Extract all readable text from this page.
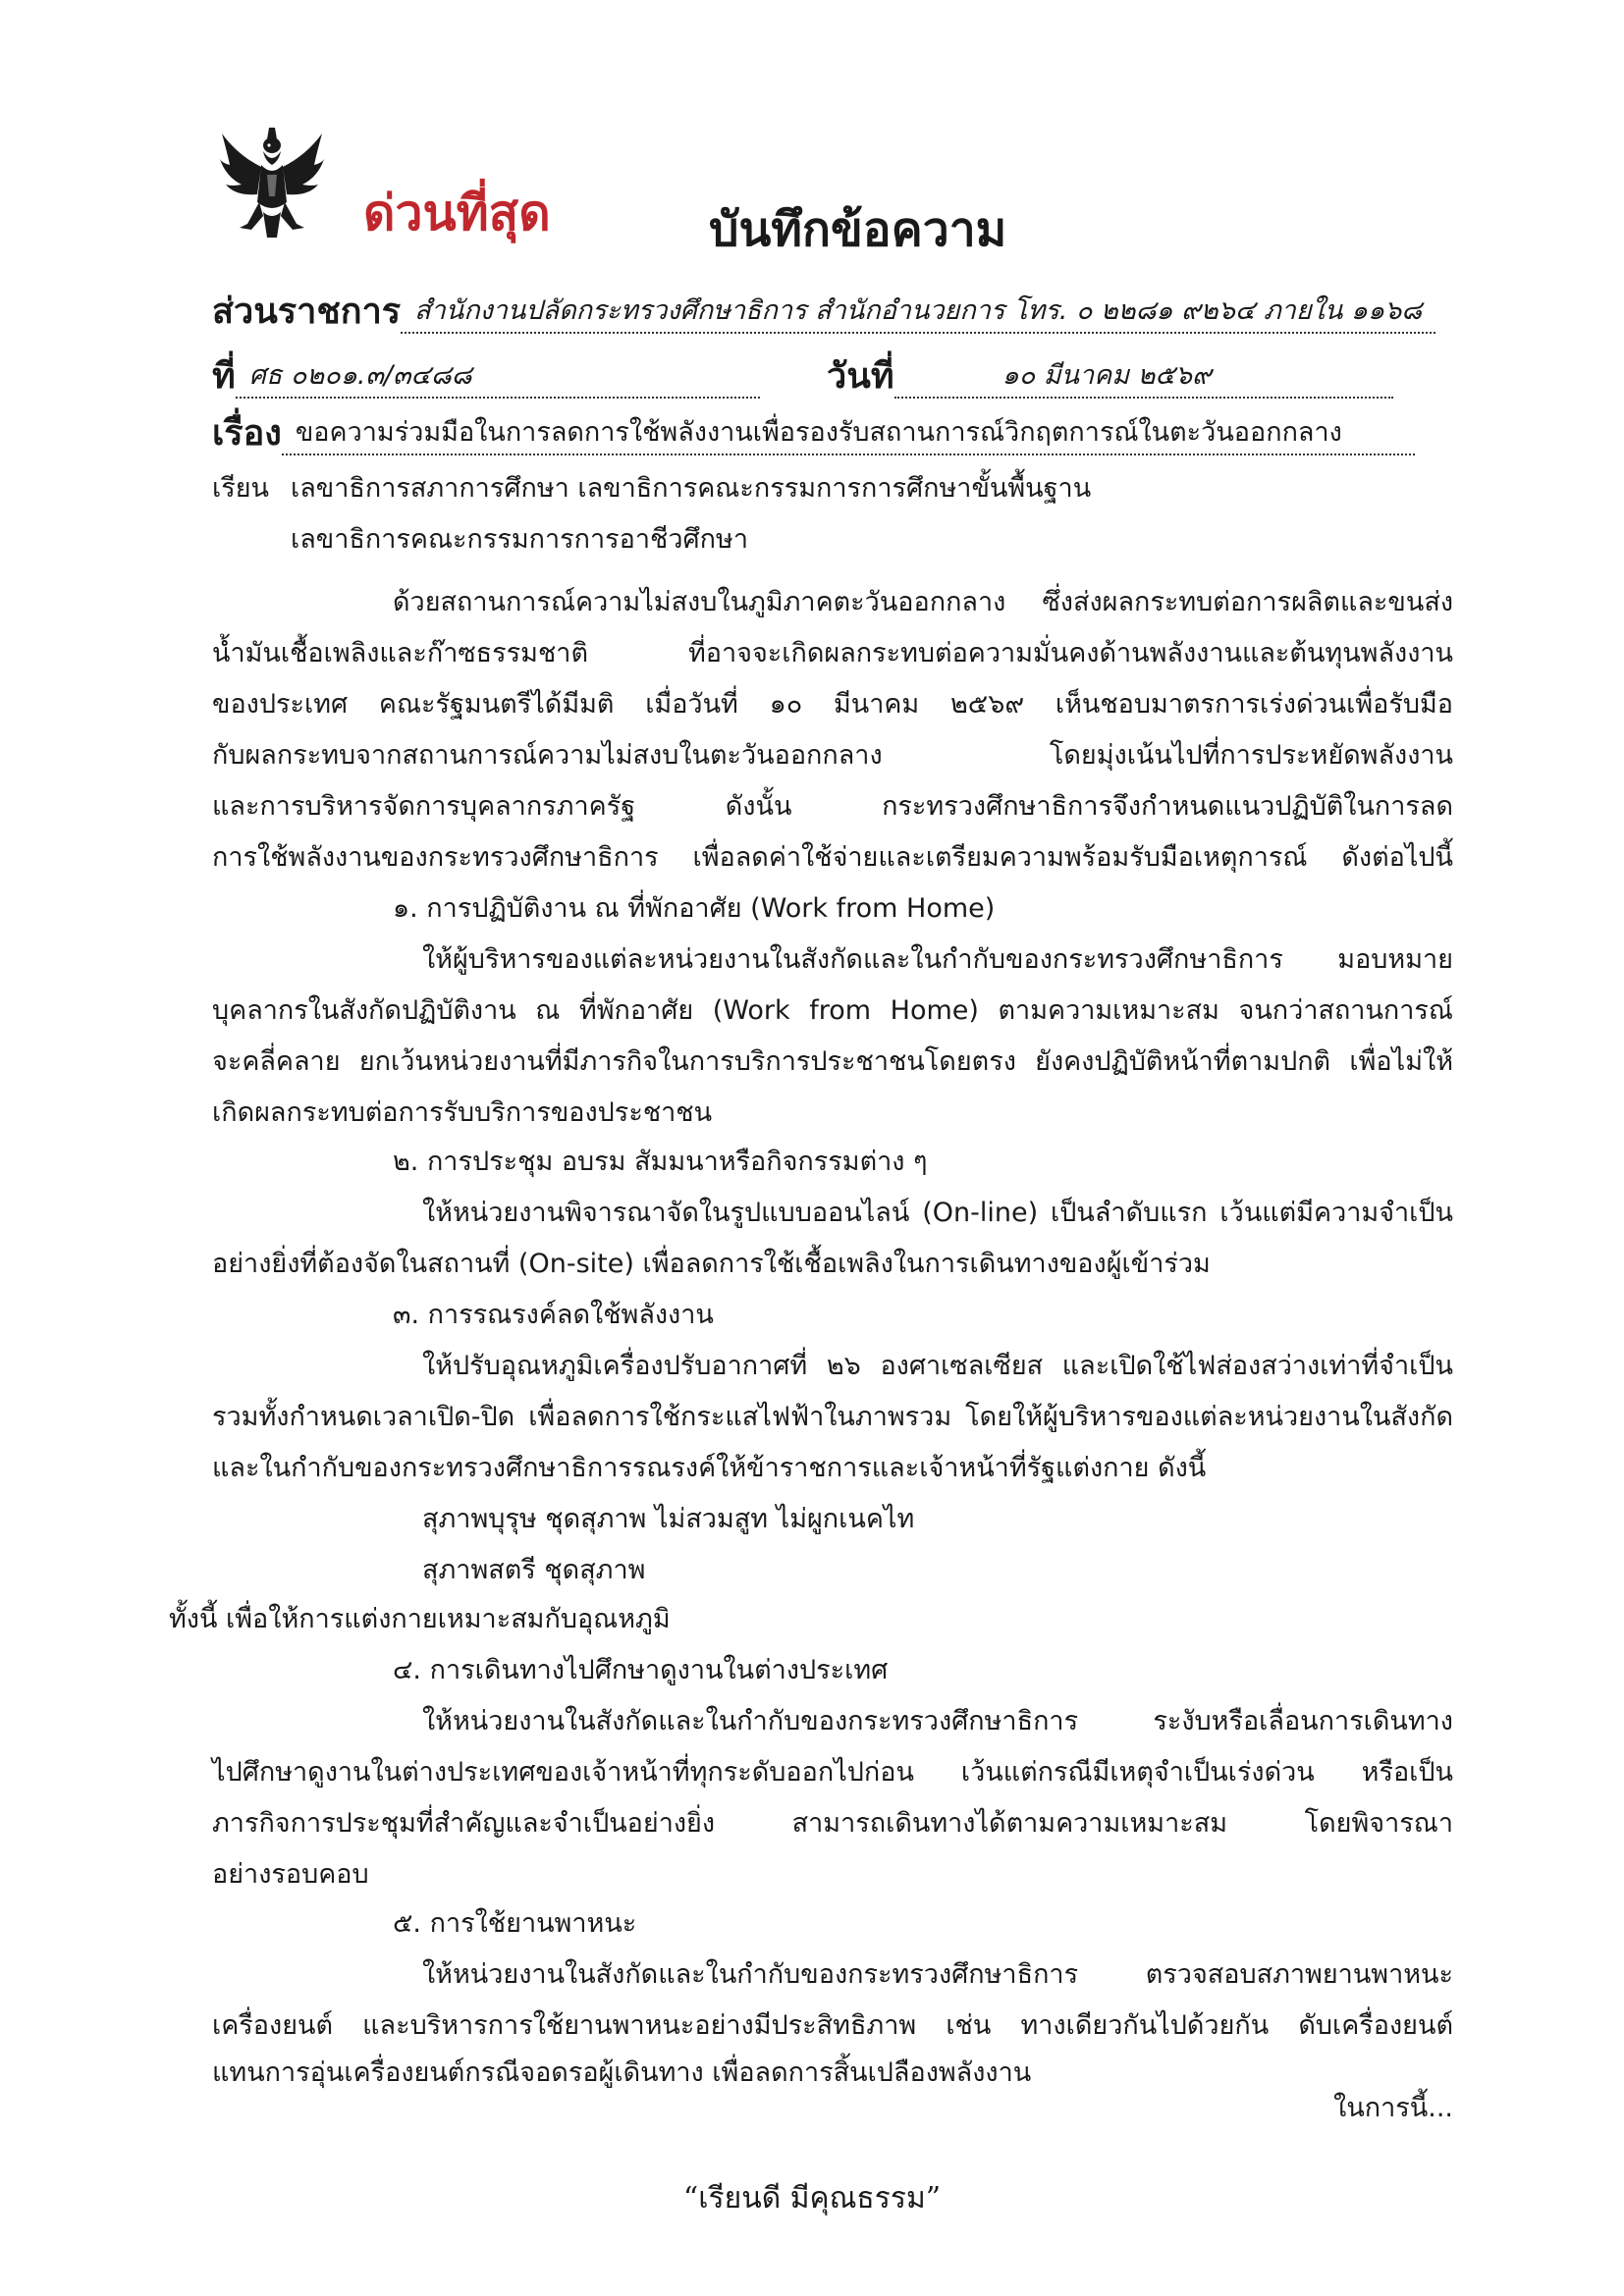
ด่วนที่สุด	บันทึกข้อความ
ส่วนราชการ สำนักงานปลัดกระทรวงศึกษาธิการ สำนักอำนวยการ โทร. ๐ ๒๒๘๑ ๙๒๖๔ ภายใน ๑๑๖๘
ที่ ศธ ๐๒๐๑.๓/๓๔๘๘	วันที่	๑๐ มีนาคม ๒๕๖๙
เรื่อง ขอความร่วมมือในการลดการใช้พลังงานเพื่อรองรับสถานการณ์วิกฤตการณ์ในตะวันออกกลาง
เรียน เลขาธิการสภาการศึกษา เลขาธิการคณะกรรมการการศึกษาขั้นพื้นฐาน
เลขาธิการคณะกรรมการการอาชีวศึกษา
ด้วยสถานการณ์ความไม่สงบในภูมิภาคตะวันออกกลาง ซึ่งส่งผลกระทบต่อการผลิตและขนส่ง
น้ำมันเชื้อเพลิงและก๊าซธรรมชาติ ที่อาจจะเกิดผลกระทบต่อความมั่นคงด้านพลังงานและต้นทุนพลังงาน
ของประเทศ คณะรัฐมนตรีได้มีมติ เมื่อวันที่ ๑๐ มีนาคม ๒๕๖๙ เห็นชอบมาตรการเร่งด่วนเพื่อรับมือ
กับผลกระทบจากสถานการณ์ความไม่สงบในตะวันออกกลาง โดยมุ่งเน้นไปที่การประหยัดพลังงาน
และการบริหารจัดการบุคลากรภาครัฐ ดังนั้น กระทรวงศึกษาธิการจึงกำหนดแนวปฏิบัติในการลด
การใช้พลังงานของกระทรวงศึกษาธิการ เพื่อลดค่าใช้จ่ายและเตรียมความพร้อมรับมือเหตุการณ์ ดังต่อไปนี้
๑. การปฏิบัติงาน ณ ที่พักอาศัย (Work from Home)
ให้ผู้บริหารของแต่ละหน่วยงานในสังกัดและในกำกับของกระทรวงศึกษาธิการ มอบหมาย
บุคลากรในสังกัดปฏิบัติงาน ณ ที่พักอาศัย (Work from Home) ตามความเหมาะสม จนกว่าสถานการณ์
จะคลี่คลาย ยกเว้นหน่วยงานที่มีภารกิจในการบริการประชาชนโดยตรง ยังคงปฏิบัติหน้าที่ตามปกติ เพื่อไม่ให้
เกิดผลกระทบต่อการรับบริการของประชาชน
๒. การประชุม อบรม สัมมนาหรือกิจกรรมต่าง ๆ
ให้หน่วยงานพิจารณาจัดในรูปแบบออนไลน์ (On-line) เป็นลำดับแรก เว้นแต่มีความจำเป็น
อย่างยิ่งที่ต้องจัดในสถานที่ (On-site) เพื่อลดการใช้เชื้อเพลิงในการเดินทางของผู้เข้าร่วม
๓. การรณรงค์ลดใช้พลังงาน
ให้ปรับอุณหภูมิเครื่องปรับอากาศที่ ๒๖ องศาเซลเซียส และเปิดใช้ไฟส่องสว่างเท่าที่จำเป็น
รวมทั้งกำหนดเวลาเปิด-ปิด เพื่อลดการใช้กระแสไฟฟ้าในภาพรวม โดยให้ผู้บริหารของแต่ละหน่วยงานในสังกัด
และในกำกับของกระทรวงศึกษาธิการรณรงค์ให้ข้าราชการและเจ้าหน้าที่รัฐแต่งกาย ดังนี้
สุภาพบุรุษ ชุดสุภาพ ไม่สวมสูท ไม่ผูกเนคไท
สุภาพสตรี ชุดสุภาพ
ทั้งนี้ เพื่อให้การแต่งกายเหมาะสมกับอุณหภูมิ
๔. การเดินทางไปศึกษาดูงานในต่างประเทศ
ให้หน่วยงานในสังกัดและในกำกับของกระทรวงศึกษาธิการ ระงับหรือเลื่อนการเดินทาง
ไปศึกษาดูงานในต่างประเทศของเจ้าหน้าที่ทุกระดับออกไปก่อน เว้นแต่กรณีมีเหตุจำเป็นเร่งด่วน หรือเป็น
ภารกิจการประชุมที่สำคัญและจำเป็นอย่างยิ่ง สามารถเดินทางได้ตามความเหมาะสม โดยพิจารณา
อย่างรอบคอบ
๕. การใช้ยานพาหนะ
ให้หน่วยงานในสังกัดและในกำกับของกระทรวงศึกษาธิการ ตรวจสอบสภาพยานพาหนะ
เครื่องยนต์ และบริหารการใช้ยานพาหนะอย่างมีประสิทธิภาพ เช่น ทางเดียวกันไปด้วยกัน ดับเครื่องยนต์
แทนการอุ่นเครื่องยนต์กรณีจอดรอผู้เดินทาง เพื่อลดการสิ้นเปลืองพลังงาน
ในการนี้...
“เรียนดี มีคุณธรรม”
